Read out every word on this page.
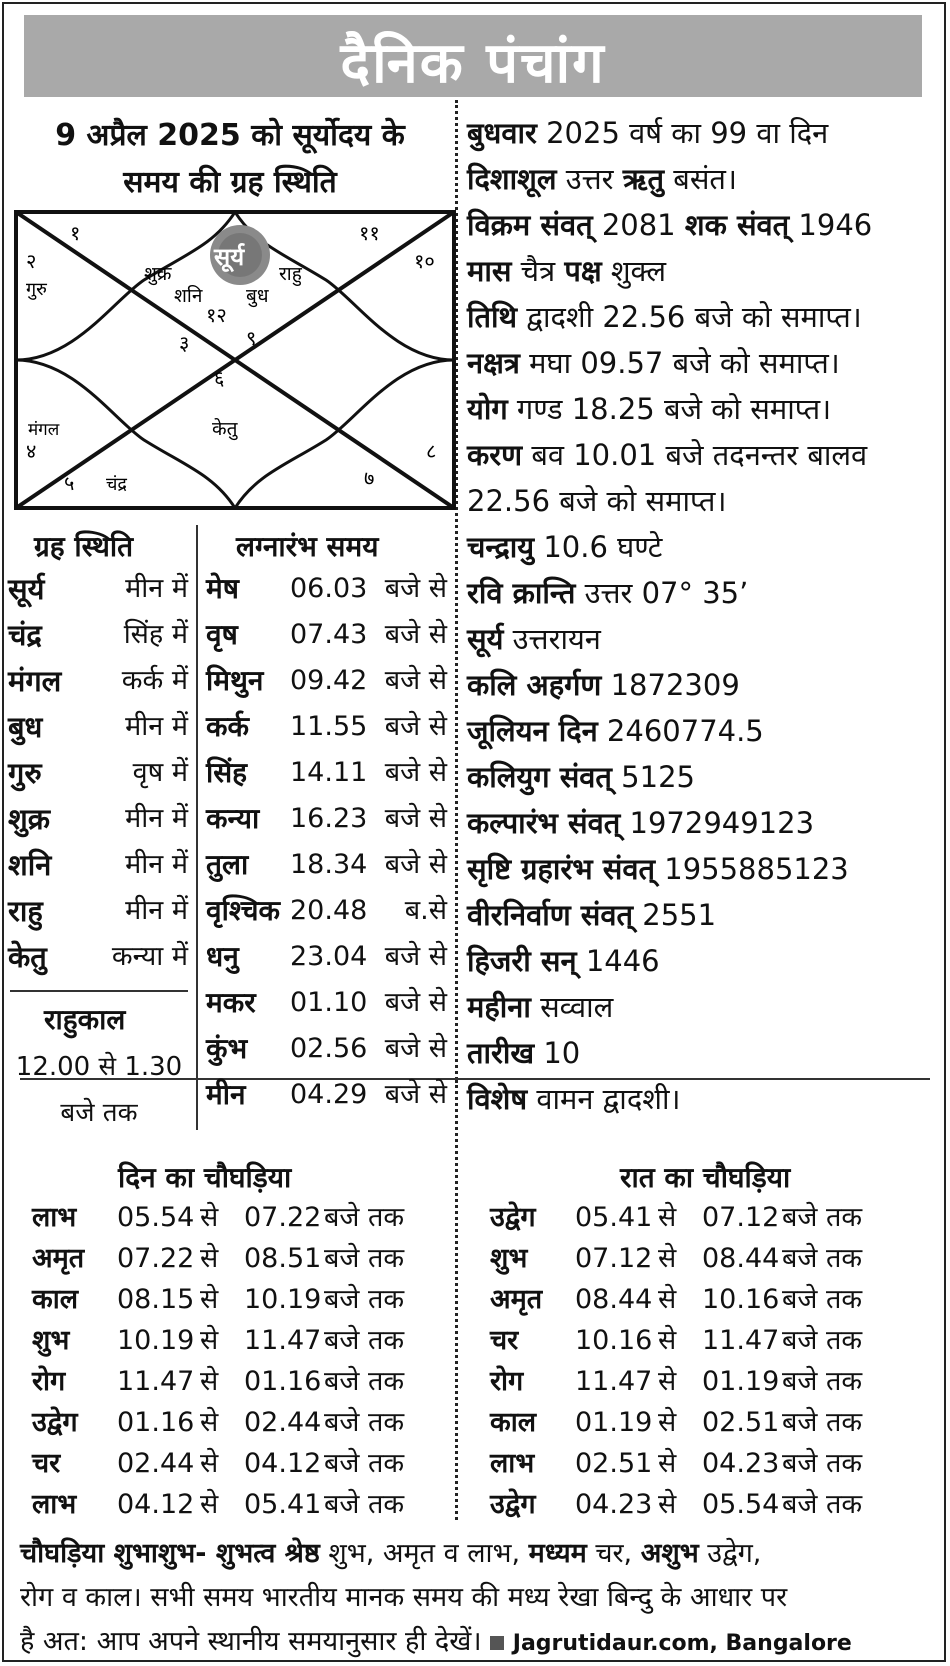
दैनिक पंचांग
9 अप्रैल 2025 को सूर्योदय के
समय की ग्रह स्थिति
१
२
३
४
५
६
७
८
९
१०
११
१२
गुरु
शुक्र
सूर्य
राहु
शनि बुध
मंगल	केतु
चंद्र
ग्रह स्थिति
सूर्य	मीन में
चंद्र	सिंह में
मंगल	कर्क में
बुध	मीन में
गुरु	वृष में
शुक्र	मीन में
शनि	मीन में
राहु	मीन में
केतु	कन्या में
राहुकाल
12.00 से 1.30
बजे तक
लग्नारंभ समय
मेष 06.03 बजे से
वृष 07.43 बजे से
मिथुन 09.42 बजे से
कर्क 11.55 बजे से
सिंह 14.11 बजे से
कन्या 16.23 बजे से
तुला 18.34 बजे से
वृश्चिक 20.48	ब.से
धनु 23.04 बजे से
मकर 01.10 बजे से
कुंभ 02.56 बजे से
मीन 04.29 बजे से
बुधवार 2025 वर्ष का 99 वा दिन
दिशाशूल उत्तर ऋतु बसंत।
विक्रम संवत् 2081 शक संवत् 1946
मास चैत्र पक्ष शुक्ल
तिथि द्वादशी 22.56 बजे को समाप्त।
नक्षत्र मघा 09.57 बजे को समाप्त।
योग गण्ड 18.25 बजे को समाप्त।
करण बव 10.01 बजे तदनन्तर बालव
22.56 बजे को समाप्त।
चन्द्रायु 10.6 घण्टे
रवि क्रान्ति उत्तर 07° 35’
सूर्य उत्तरायन
कलि अहर्गण 1872309
जूलियन दिन 2460774.5
कलियुग संवत् 5125
कल्पारंभ संवत् 1972949123
सृष्टि ग्रहारंभ संवत् 1955885123
वीरनिर्वाण संवत् 2551
हिजरी सन् 1446
महीना सव्वाल
तारीख 10
विशेष वामन द्वादशी।
दिन का चौघड़िया	रात का चौघड़िया
लाभ 05.54 से 07.22 बजे तक
अमृत 07.22 से 08.51 बजे तक
काल 08.15 से 10.19 बजे तक
शुभ 10.19 से 11.47 बजे तक
रोग 11.47 से 01.16 बजे तक
उद्वेग 01.16 से 02.44 बजे तक
चर 02.44 से 04.12 बजे तक
लाभ 04.12 से 05.41 बजे तक
उद्वेग 05.41 से 07.12 बजे तक
शुभ 07.12 से 08.44 बजे तक
अमृत 08.44 से 10.16 बजे तक
चर 10.16 से 11.47 बजे तक
रोग 11.47 से 01.19 बजे तक
काल 01.19 से 02.51 बजे तक
लाभ 02.51 से 04.23 बजे तक
उद्वेग 04.23 से 05.54 बजे तक
चौघड़िया शुभाशुभ- शुभत्व श्रेष्ठ शुभ, अमृत व लाभ, मध्यम चर, अशुभ उद्वेग,
रोग व काल। सभी समय भारतीय मानक समय की मध्य रेखा बिन्दु के आधार पर
है अत: आप अपने स्थानीय समयानुसार ही देखें। Jagrutidaur.com, Bangalore
